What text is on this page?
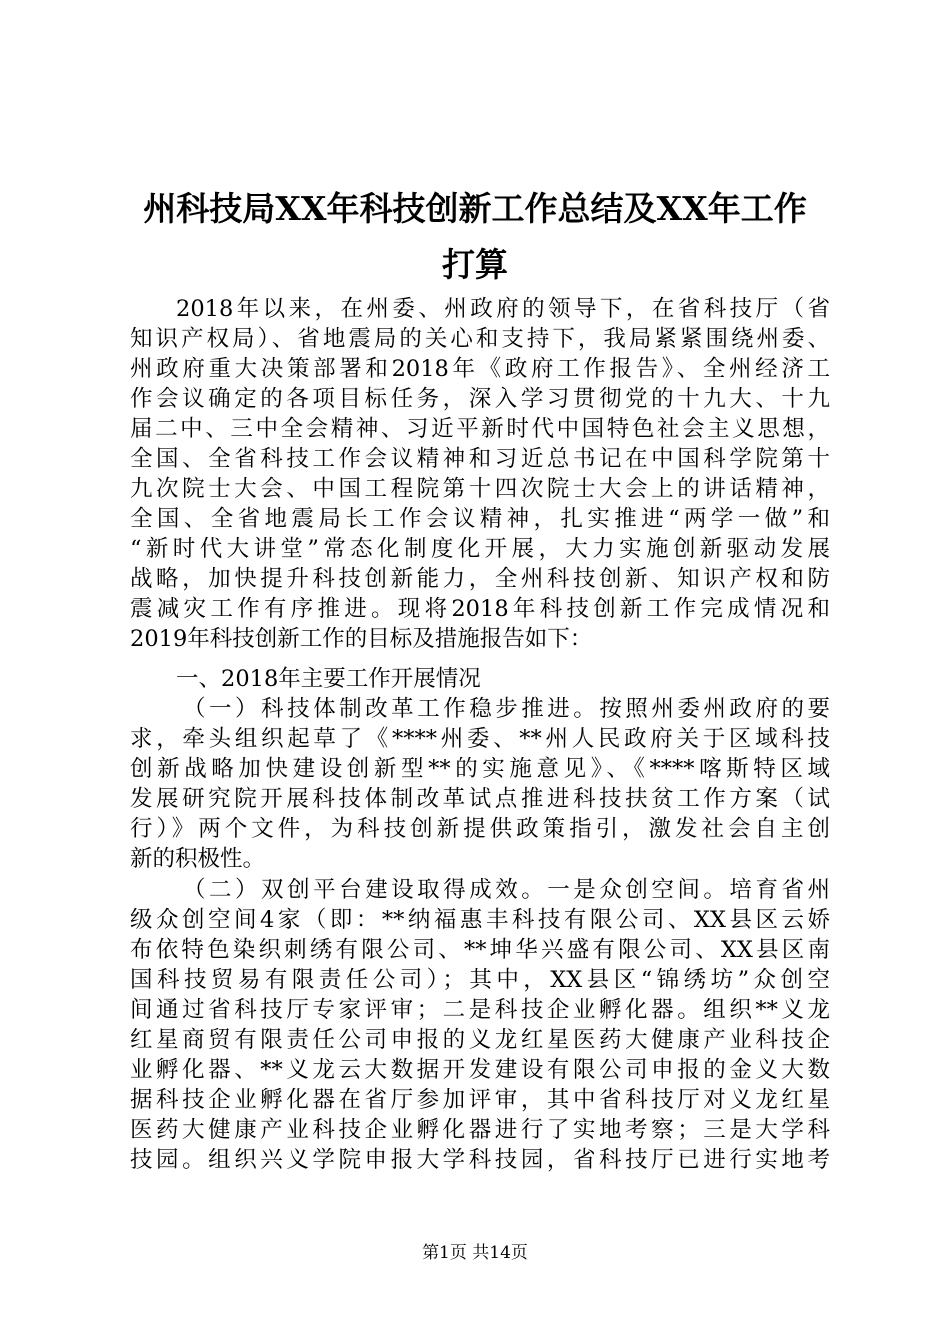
州科技局XX年科技创新工作总结及XX年工作
打算
2018年以来，在州委、州政府的领导下，在省科技厅（省
知识产权局）、省地震局的关心和支持下，我局紧紧围绕州委、
州政府重大决策部署和2018年《政府工作报告》、全州经济工
作会议确定的各项目标任务，深入学习贯彻党的十九大、十九
届二中、三中全会精神、习近平新时代中国特色社会主义思想，
全国、全省科技工作会议精神和习近总书记在中国科学院第十
九次院士大会、中国工程院第十四次院士大会上的讲话精神，
全国、全省地震局长工作会议精神，扎实推进“两学一做”和
“新时代大讲堂”常态化制度化开展，大力实施创新驱动发展
战略，加快提升科技创新能力，全州科技创新、知识产权和防
震减灾工作有序推进。现将2018年科技创新工作完成情况和
2019年科技创新工作的目标及措施报告如下：
一、2018年主要工作开展情况
（一）科技体制改革工作稳步推进。按照州委州政府的要
求，牵头组织起草了《****州委、**州人民政府关于区域科技
创新战略加快建设创新型**的实施意见》、《****喀斯特区域
发展研究院开展科技体制改革试点推进科技扶贫工作方案（试
行）》两个文件，为科技创新提供政策指引，激发社会自主创
新的积极性。
（二）双创平台建设取得成效。一是众创空间。培育省州
级众创空间4家（即：**纳福惠丰科技有限公司、XX县区云娇
布依特色染织刺绣有限公司、**坤华兴盛有限公司、XX县区南
国科技贸易有限责任公司）；其中，XX县区“锦绣坊”众创空
间通过省科技厅专家评审；二是科技企业孵化器。组织**义龙
红星商贸有限责任公司申报的义龙红星医药大健康产业科技企
业孵化器、**义龙云大数据开发建设有限公司申报的金义大数
据科技企业孵化器在省厅参加评审，其中省科技厅对义龙红星
医药大健康产业科技企业孵化器进行了实地考察；三是大学科
技园。组织兴义学院申报大学科技园，省科技厅已进行实地考
第1页 共14页
